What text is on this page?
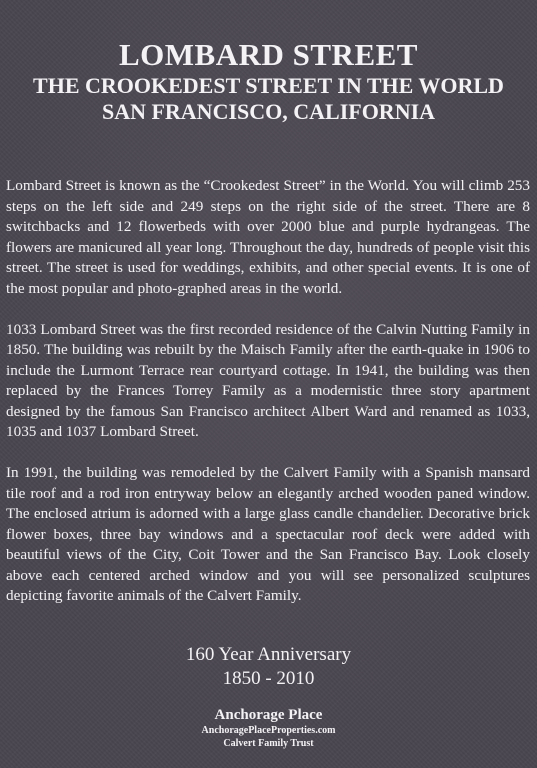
LOMBARD STREET
THE CROOKEDEST STREET IN THE WORLD
SAN FRANCISCO, CALIFORNIA

Lombard Street is known as the “Crookedest Street” in the World. You will climb 253 steps on the left side and 249 steps on the right side of the street. There are 8 switchbacks and 12 flowerbeds with over 2000 blue and purple hydrangeas. The flowers are manicured all year long. Throughout the day, hundreds of people visit this street. The street is used for weddings, exhibits, and other special events. It is one of the most popular and photo-graphed areas in the world.

1033 Lombard Street was the first recorded residence of the Calvin Nutting Family in 1850. The building was rebuilt by the Maisch Family after the earth-quake in 1906 to include the Lurmont Terrace rear courtyard cottage. In 1941, the building was then replaced by the Frances Torrey Family as a modernistic three story apartment designed by the famous San Francisco architect Albert Ward and renamed as 1033, 1035 and 1037 Lombard Street.

In 1991, the building was remodeled by the Calvert Family with a Spanish mansard tile roof and a rod iron entryway below an elegantly arched wooden paned window. The enclosed atrium is adorned with a large glass candle chandelier. Decorative brick flower boxes, three bay windows and a spectacular roof deck were added with beautiful views of the City, Coit Tower and the San Francisco Bay. Look closely above each centered arched window and you will see personalized sculptures depicting favorite animals of the Calvert Family.

160 Year Anniversary
1850 - 2010
Anchorage Place
AnchoragePlaceProperties.com
Calvert Family Trust
